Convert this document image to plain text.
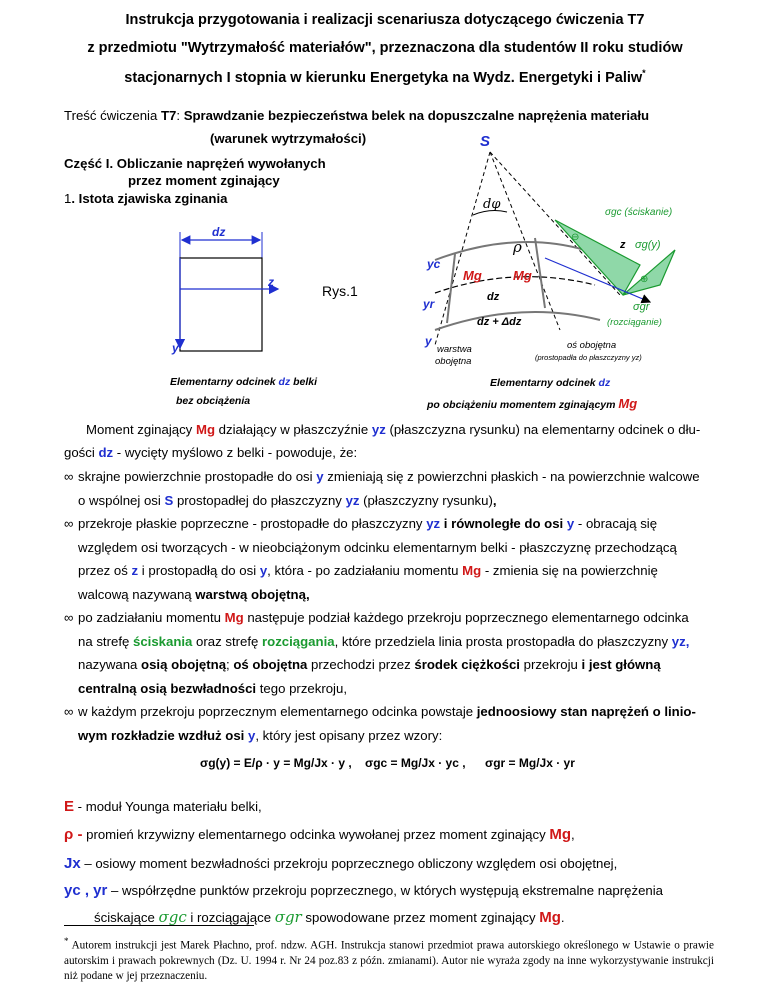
Instrukcja przygotowania i realizacji scenariusza dotyczącego ćwiczenia T7
z przedmiotu "Wytrzymałość materiałów", przeznaczona dla studentów II roku studiów
stacjonarnych I stopnia w kierunku Energetyka na Wydz. Energetyki i Paliw*
Treść ćwiczenia T7: Sprawdzanie bezpieczeństwa belek na dopuszczalne naprężenia materiału
(warunek wytrzymałości)
Część I. Obliczanie naprężeń wywołanych
przez moment zginający
1. Istota zjawiska zginania
dz
z
y
Rys.1
Elementarny odcinek dz belki
bez obciążenia
S
dφ
ρ
⊖
⊕
σgc (ściskanie)
z σg(y)
yc
Mg Mg
dz
yr
dz + Δdz
σgr
(rozciąganie)
y
warstwa
obojętna
oś obojętna
(prostopadła do płaszczyzny yz)
Elementarny odcinek dz
po obciążeniu momentem zginającym Mg
Moment zginający Mg działający w płaszczyźnie yz (płaszczyzna rysunku) na elementarny odcinek o dłu-
gości dz - wycięty myślowo z belki - powoduje, że:
∞ skrajne powierzchnie prostopadłe do osi y zmieniają się z powierzchni płaskich - na powierzchnie walcowe
o wspólnej osi S prostopadłej do płaszczyzny yz (płaszczyzny rysunku),
∞ przekroje płaskie poprzeczne - prostopadłe do płaszczyzny yz i równoległe do osi y - obracają się
względem osi tworzących - w nieobciążonym odcinku elementarnym belki - płaszczyznę przechodzącą
przez oś z i prostopadłą do osi y, która - po zadziałaniu momentu Mg - zmienia się na powierzchnię
walcową nazywaną warstwą obojętną,
∞ po zadziałaniu momentu Mg następuje podział każdego przekroju poprzecznego elementarnego odcinka
na strefę ściskania oraz strefę rozciągania, które przedziela linia prosta prostopadła do płaszczyzny yz,
nazywana osią obojętną; oś obojętna przechodzi przez środek ciężkości przekroju i jest główną
centralną osią bezwładności tego przekroju,
∞ w każdym przekroju poprzecznym elementarnego odcinka powstaje jednoosiowy stan naprężeń o linio-
wym rozkładzie wzdłuż osi y, który jest opisany przez wzory:
σg(y) = E/ρ · y = Mg/Jx · y , σgc = Mg/Jx · yc , σgr = Mg/Jx · yr
E - moduł Younga materiału belki,
ρ - promień krzywizny elementarnego odcinka wywołanej przez moment zginający Mg,
Jx – osiowy moment bezwładności przekroju poprzecznego obliczony względem osi obojętnej,
yc , yr – współrzędne punktów przekroju poprzecznego, w których występują ekstremalne naprężenia
ściskające σgc i rozciągające σgr spowodowane przez moment zginający Mg.
* Autorem instrukcji jest Marek Płachno, prof. ndzw. AGH. Instrukcja stanowi przedmiot prawa autorskiego określonego w Ustawie o prawie autorskim i prawach pokrewnych (Dz. U. 1994 r. Nr 24 poz.83 z późn. zmianami). Autor nie wyraża zgody na inne wykorzystywanie instrukcji niż podane w jej przeznaczeniu.
